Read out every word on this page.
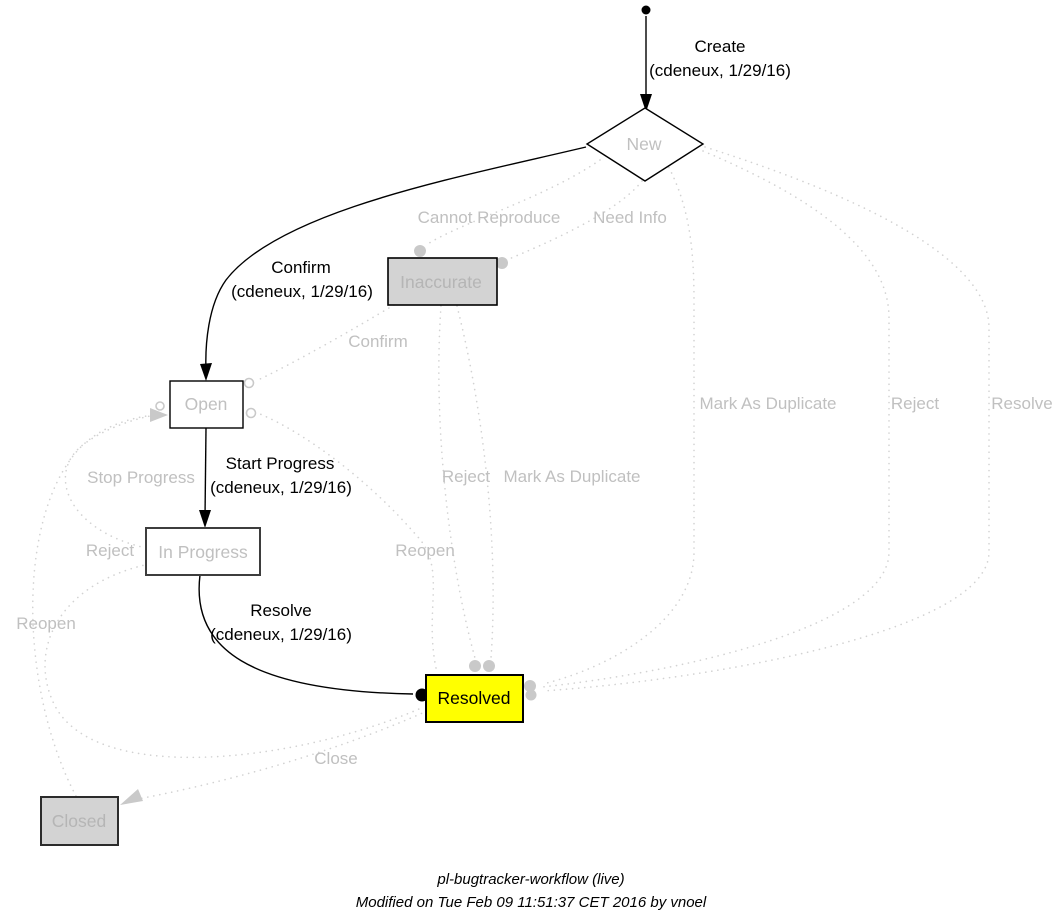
New
Inaccurate
Open
In Progress
Resolved
Closed
Create
(cdeneux, 1/29/16)
Confirm
(cdeneux, 1/29/16)
Start Progress
(cdeneux, 1/29/16)
Resolve
(cdeneux, 1/29/16)
Cannot Reproduce Need Info
Confirm
Mark As Duplicate	Reject	Resolve
Stop Progress	Reject Mark As Duplicate
Reject	Reopen
Reopen
Close
pl-bugtracker-workflow (live)
Modified on Tue Feb 09 11:51:37 CET 2016 by vnoel
